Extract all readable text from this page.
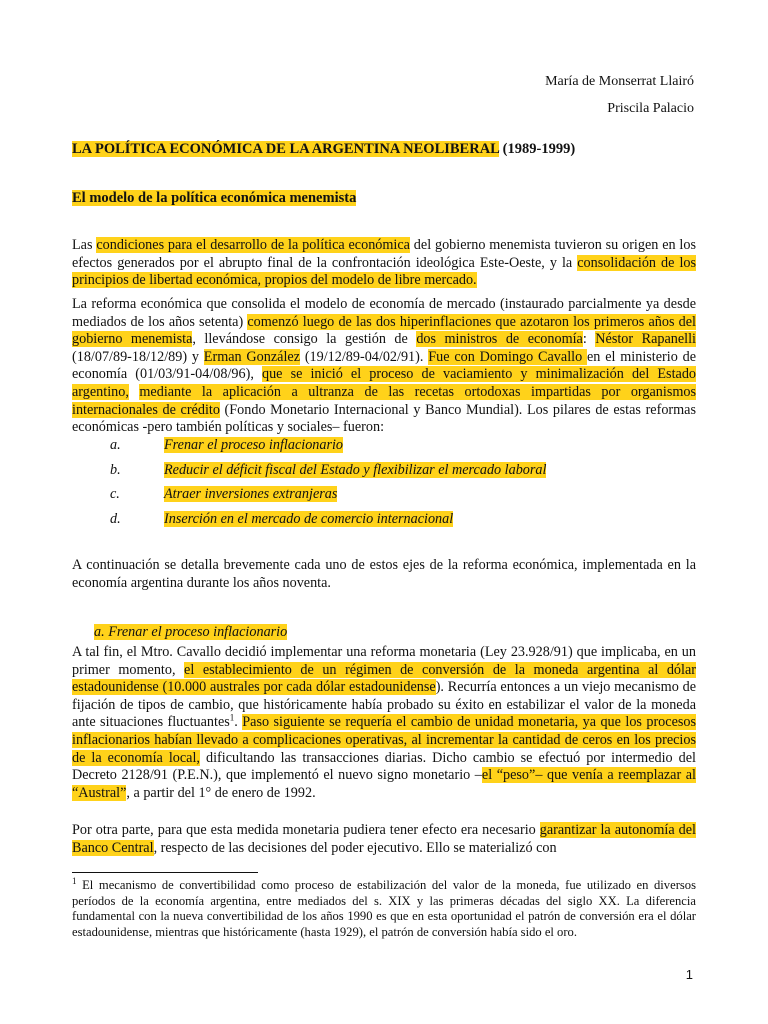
María de Monserrat Llairó
Priscila Palacio
LA POLÍTICA ECONÓMICA DE LA ARGENTINA NEOLIBERAL (1989-1999)
El modelo de la política económica menemista

Las condiciones para el desarrollo de la política económica del gobierno menemista tuvieron su origen en los efectos generados por el abrupto final de la confrontación ideológica Este-Oeste, y la consolidación de los principios de libertad económica, propios del modelo de libre mercado.

La reforma económica que consolida el modelo de economía de mercado (instaurado parcialmente ya desde mediados de los años setenta) comenzó luego de las dos hiperinflaciones que azotaron los primeros años del gobierno menemista, llevándose consigo la gestión de dos ministros de economía: Néstor Rapanelli (18/07/89-18/12/89) y Erman González (19/12/89-04/02/91). Fue con Domingo Cavallo en el ministerio de economía (01/03/91-04/08/96), que se inició el proceso de vaciamiento y minimalización del Estado argentino, mediante la aplicación a ultranza de las recetas ortodoxas impartidas por organismos internacionales de crédito (Fondo Monetario Internacional y Banco Mundial). Los pilares de estas reformas económicas -pero también políticas y sociales– fueron:

a.	Frenar el proceso inflacionario
b.	Reducir el déficit fiscal del Estado y flexibilizar el mercado laboral
c.	Atraer inversiones extranjeras
d.	Inserción en el mercado de comercio internacional

A continuación se detalla brevemente cada uno de estos ejes de la reforma económica, implementada en la economía argentina durante los años noventa.

a. Frenar el proceso inflacionario

A tal fin, el Mtro. Cavallo decidió implementar una reforma monetaria (Ley 23.928/91) que implicaba, en un primer momento, el establecimiento de un régimen de conversión de la moneda argentina al dólar estadounidense (10.000 australes por cada dólar estadounidense). Recurría entonces a un viejo mecanismo de fijación de tipos de cambio, que históricamente había probado su éxito en estabilizar el valor de la moneda ante situaciones fluctuantes$^1$. Paso siguiente se requería el cambio de unidad monetaria, ya que los procesos inflacionarios habían llevado a complicaciones operativas, al incrementar la cantidad de ceros en los precios de la economía local, dificultando las transacciones diarias. Dicho cambio se efectuó por intermedio del Decreto 2128/91 (P.E.N.), que implementó el nuevo signo monetario –el “peso”– que venía a reemplazar al “Austral”, a partir del 1° de enero de 1992.

Por otra parte, para que esta medida monetaria pudiera tener efecto era necesario garantizar la autonomía del Banco Central, respecto de las decisiones del poder ejecutivo. Ello se materializó con

$^1$ El mecanismo de convertibilidad como proceso de estabilización del valor de la moneda, fue utilizado en diversos períodos de la economía argentina, entre mediados del s. XIX y las primeras décadas del siglo XX. La diferencia fundamental con la nueva convertibilidad de los años 1990 es que en esta oportunidad el patrón de conversión era el dólar estadounidense, mientras que históricamente (hasta 1929), el patrón de conversión había sido el oro.

1
